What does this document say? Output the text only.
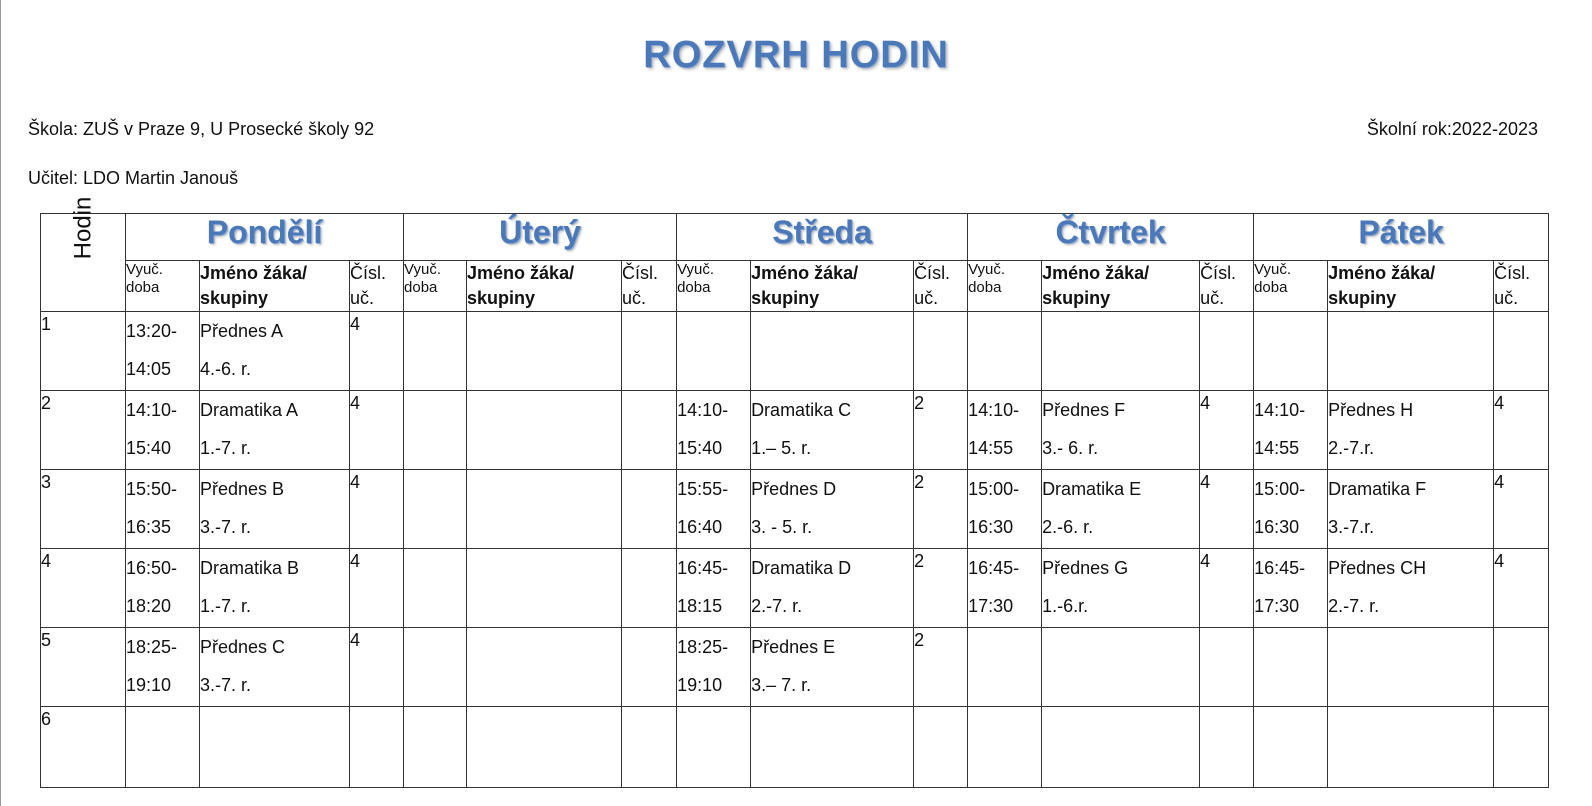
ROZVRH HODIN
Škola: ZUŠ v Praze 9, U Prosecké školy 92	Školní rok:2022-2023
Učitel: LDO Martin Janouš
Hodin	Pondělí			Úterý			Středa			Čtvrtek			Pátek		
	Vyuč.
doba	Jméno žáka/
skupiny	Čísl.
uč.	Vyuč.
doba	Jméno žáka/
skupiny	Čísl.
uč.	Vyuč.
doba	Jméno žáka/
skupiny	Čísl.
uč.	Vyuč.
doba	Jméno žáka/
skupiny	Čísl.
uč.	Vyuč.
doba	Jméno žáka/
skupiny	Čísl.
uč.
1	13:20-
14:05	Přednes A
4.-6. r.	4	

2	14:10-
15:40	Dramatika A
1.-7. r.	4				14:10-
15:40	Dramatika C
1.– 5. r.	2	14:10-
14:55	Přednes F
3.- 6. r.	4	14:10-
14:55	Přednes H
2.-7.r.	4
3	15:50-
16:35	Přednes B
3.-7. r.	4				15:55-
16:40	Přednes D
3. - 5. r.	2	15:00-
16:30	Dramatika E
2.-6. r.	4	15:00-
16:30	Dramatika F
3.-7.r.	4
4	16:50-
18:20	Dramatika B
1.-7. r.	4				16:45-
18:15	Dramatika D
2.-7. r.	2	16:45-
17:30	Přednes G
1.-6.r.	4	16:45-
17:30	Přednes CH
2.-7. r.	4
5	18:25-
19:10	Přednes C
3.-7. r.	4				18:25-
19:10	Přednes E
3.– 7. r.	2	

6	
